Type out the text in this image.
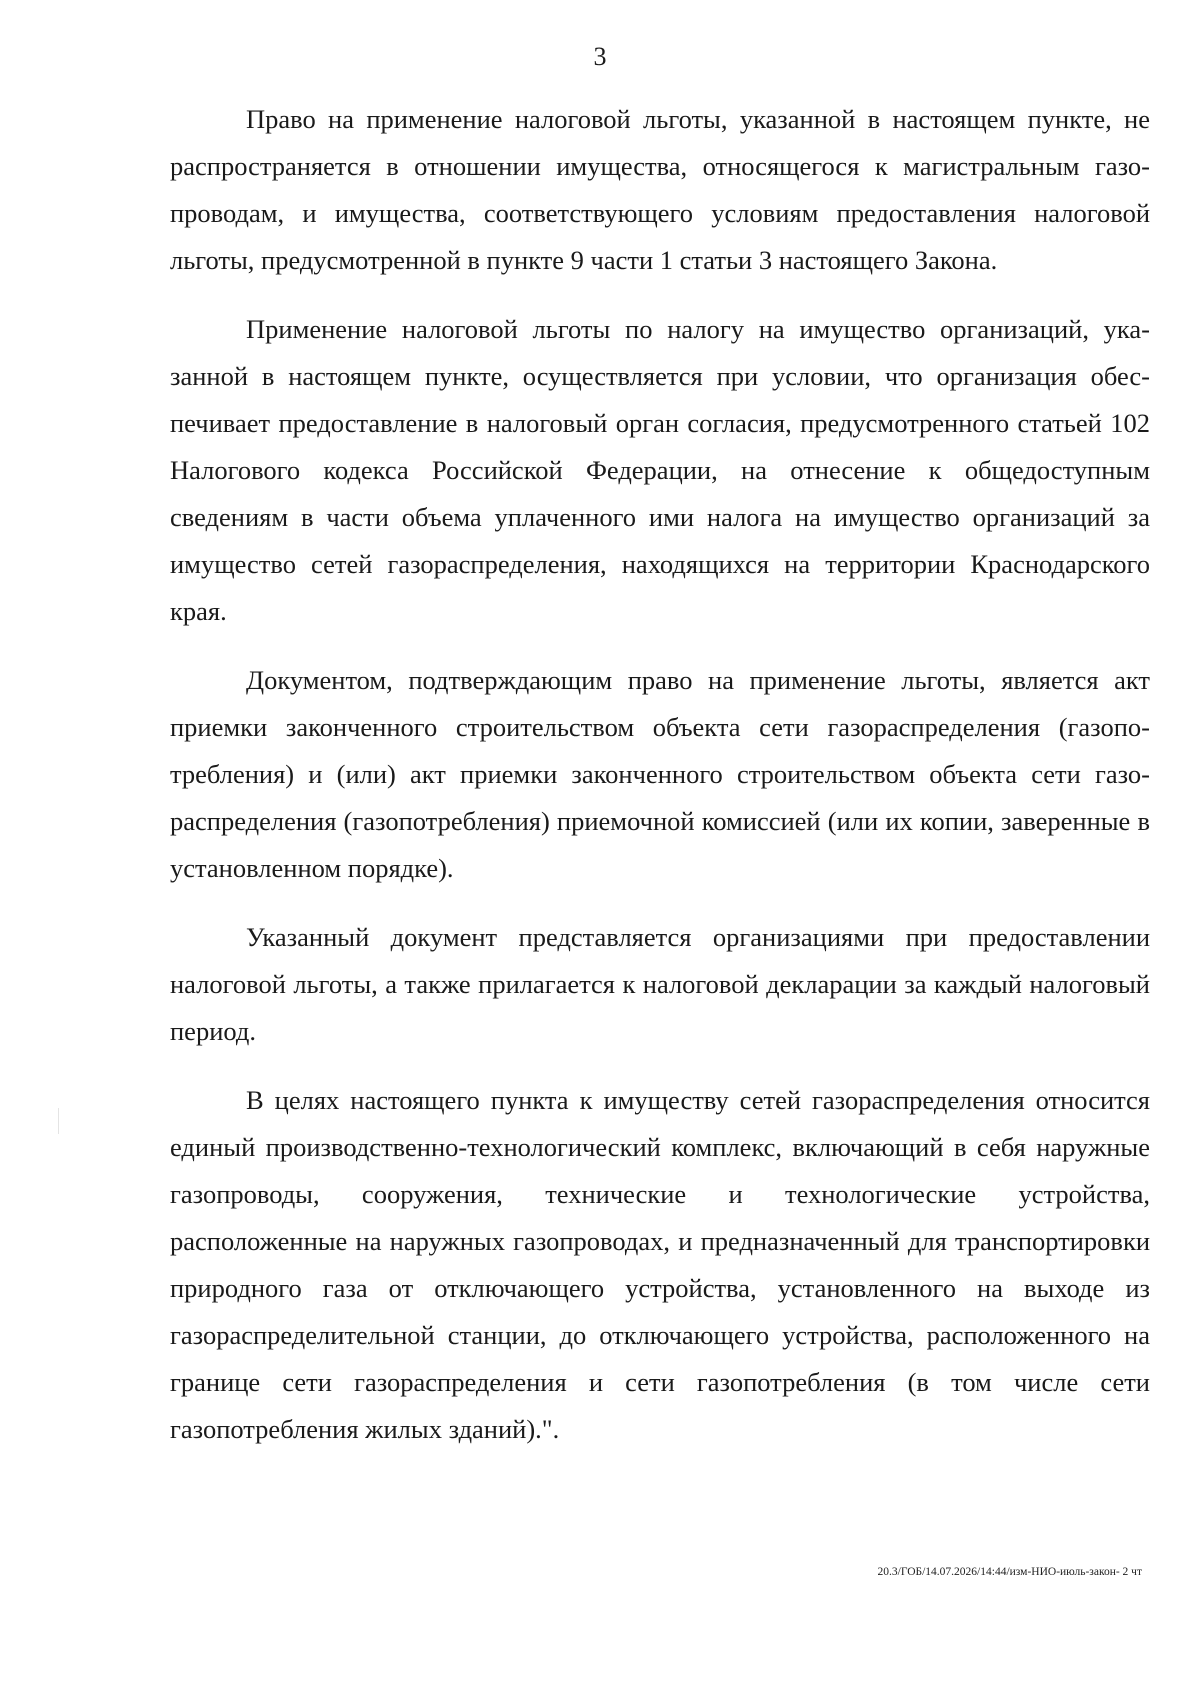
3

Право на применение налоговой льготы, указанной в настоящем пункте, не распространяется в отношении имущества, относящегося к магистральным газопроводам, и имущества, соответствующего условиям предоставления налоговой льготы, предусмотренной в пункте 9 части 1 статьи 3 настоящего Закона.

Применение налоговой льготы по налогу на имущество организаций, указанной в настоящем пункте, осуществляется при условии, что организация обеспечивает предоставление в налоговый орган согласия, предусмотренного статьей 102 Налогового кодекса Российской Федерации, на отнесение к общедоступным сведениям в части объема уплаченного ими налога на имущество организаций за имущество сетей газораспределения, находящихся на территории Краснодарского края.

Документом, подтверждающим право на применение льготы, является акт приемки законченного строительством объекта сети газораспределения (газопотребления) и (или) акт приемки законченного строительством объекта сети газораспределения (газопотребления) приемочной комиссией (или их копии, заверенные в установленном порядке).

Указанный документ представляется организациями при предоставлении налоговой льготы, а также прилагается к налоговой декларации за каждый налоговый период.

В целях настоящего пункта к имуществу сетей газораспределения относится единый производственно-технологический комплекс, включающий в себя наружные газопроводы, сооружения, технические и технологические устройства, расположенные на наружных газопроводах, и предназначенный для транспортировки природного газа от отключающего устройства, установленного на выходе из газораспределительной станции, до отключающего устройства, расположенного на границе сети газораспределения и сети газопотребления (в том числе сети газопотребления жилых зданий).".

20.3/ГОБ/14.07.2026/14:44/изм-НИО-июль-закон- 2 чт
